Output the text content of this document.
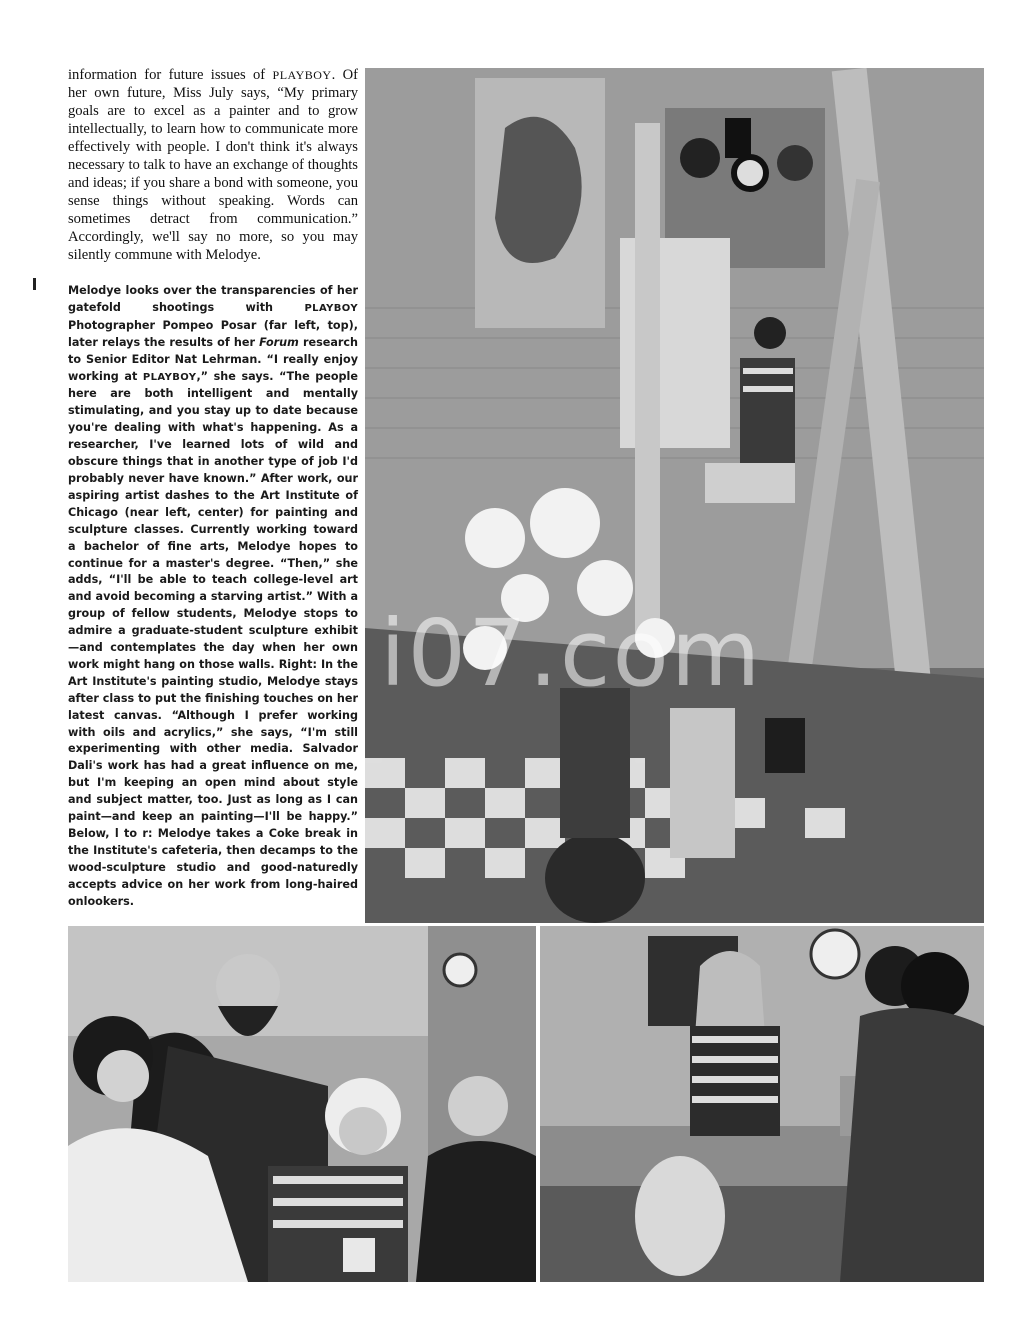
information for future issues of PLAYBOY. Of her own future, Miss July says, “My primary goals are to excel as a painter and to grow intellectually, to learn how to communicate more effectively with people. I don't think it's always necessary to talk to have an exchange of thoughts and ideas; if you share a bond with someone, you sense things without speaking. Words can sometimes detract from communication.” Accordingly, we'll say no more, so you may silently commune with Melodye.
Melodye looks over the transparencies of her gatefold shootings with PLAYBOY Photographer Pompeo Posar (far left, top), later relays the results of her Forum research to Senior Editor Nat Lehrman. “I really enjoy working at PLAYBOY,” she says. “The people here are both intelligent and mentally stimulating, and you stay up to date because you're dealing with what's happening. As a researcher, I've learned lots of wild and obscure things that in another type of job I'd probably never have known.” After work, our aspiring artist dashes to the Art Institute of Chicago (near left, center) for painting and sculpture classes. Currently working toward a bachelor of fine arts, Melodye hopes to continue for a master's degree. “Then,” she adds, “I'll be able to teach college-level art and avoid becoming a starving artist.” With a group of fellow students, Melodye stops to admire a graduate-student sculpture exhibit—and contemplates the day when her own work might hang on those walls. Right: In the Art Institute's painting studio, Melodye stays after class to put the finishing touches on her latest canvas. “Although I prefer working with oils and acrylics,” she says, “I'm still experimenting with other media. Salvador Dali's work has had a great influence on me, but I'm keeping an open mind about style and subject matter, too. Just as long as I can paint—and keep an painting—I'll be happy.” Below, l to r: Melodye takes a Coke break in the Institute's cafeteria, then decamps to the wood-sculpture studio and good-naturedly accepts advice on her work from long-haired onlookers.
i07.com
